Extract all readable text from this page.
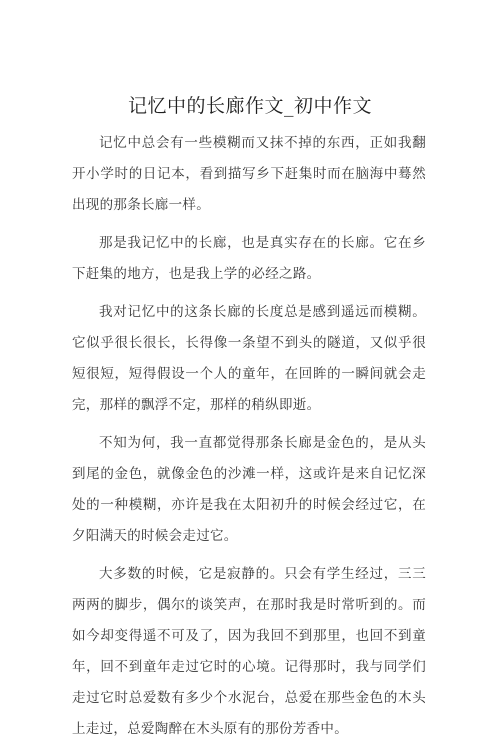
记忆中的长廊作文_初中作文

记忆中总会有一些模糊而又抹不掉的东西，正如我翻开小学时的日记本，看到描写乡下赶集时而在脑海中蓦然出现的那条长廊一样。

那是我记忆中的长廊，也是真实存在的长廊。它在乡下赶集的地方，也是我上学的必经之路。

我对记忆中的这条长廊的长度总是感到遥远而模糊。它似乎很长很长，长得像一条望不到头的隧道，又似乎很短很短，短得假设一个人的童年，在回眸的一瞬间就会走完，那样的飘浮不定，那样的稍纵即逝。

不知为何，我一直都觉得那条长廊是金色的，是从头到尾的金色，就像金色的沙滩一样，这或许是来自记忆深处的一种模糊，亦许是我在太阳初升的时候会经过它，在夕阳满天的时候会走过它。

大多数的时候，它是寂静的。只会有学生经过，三三两两的脚步，偶尔的谈笑声，在那时我是时常听到的。而如今却变得遥不可及了，因为我回不到那里，也回不到童年，回不到童年走过它时的心境。记得那时，我与同学们走过它时总爱数有多少个水泥台，总爱在那些金色的木头上走过，总爱陶醉在木头原有的那份芳香中。
